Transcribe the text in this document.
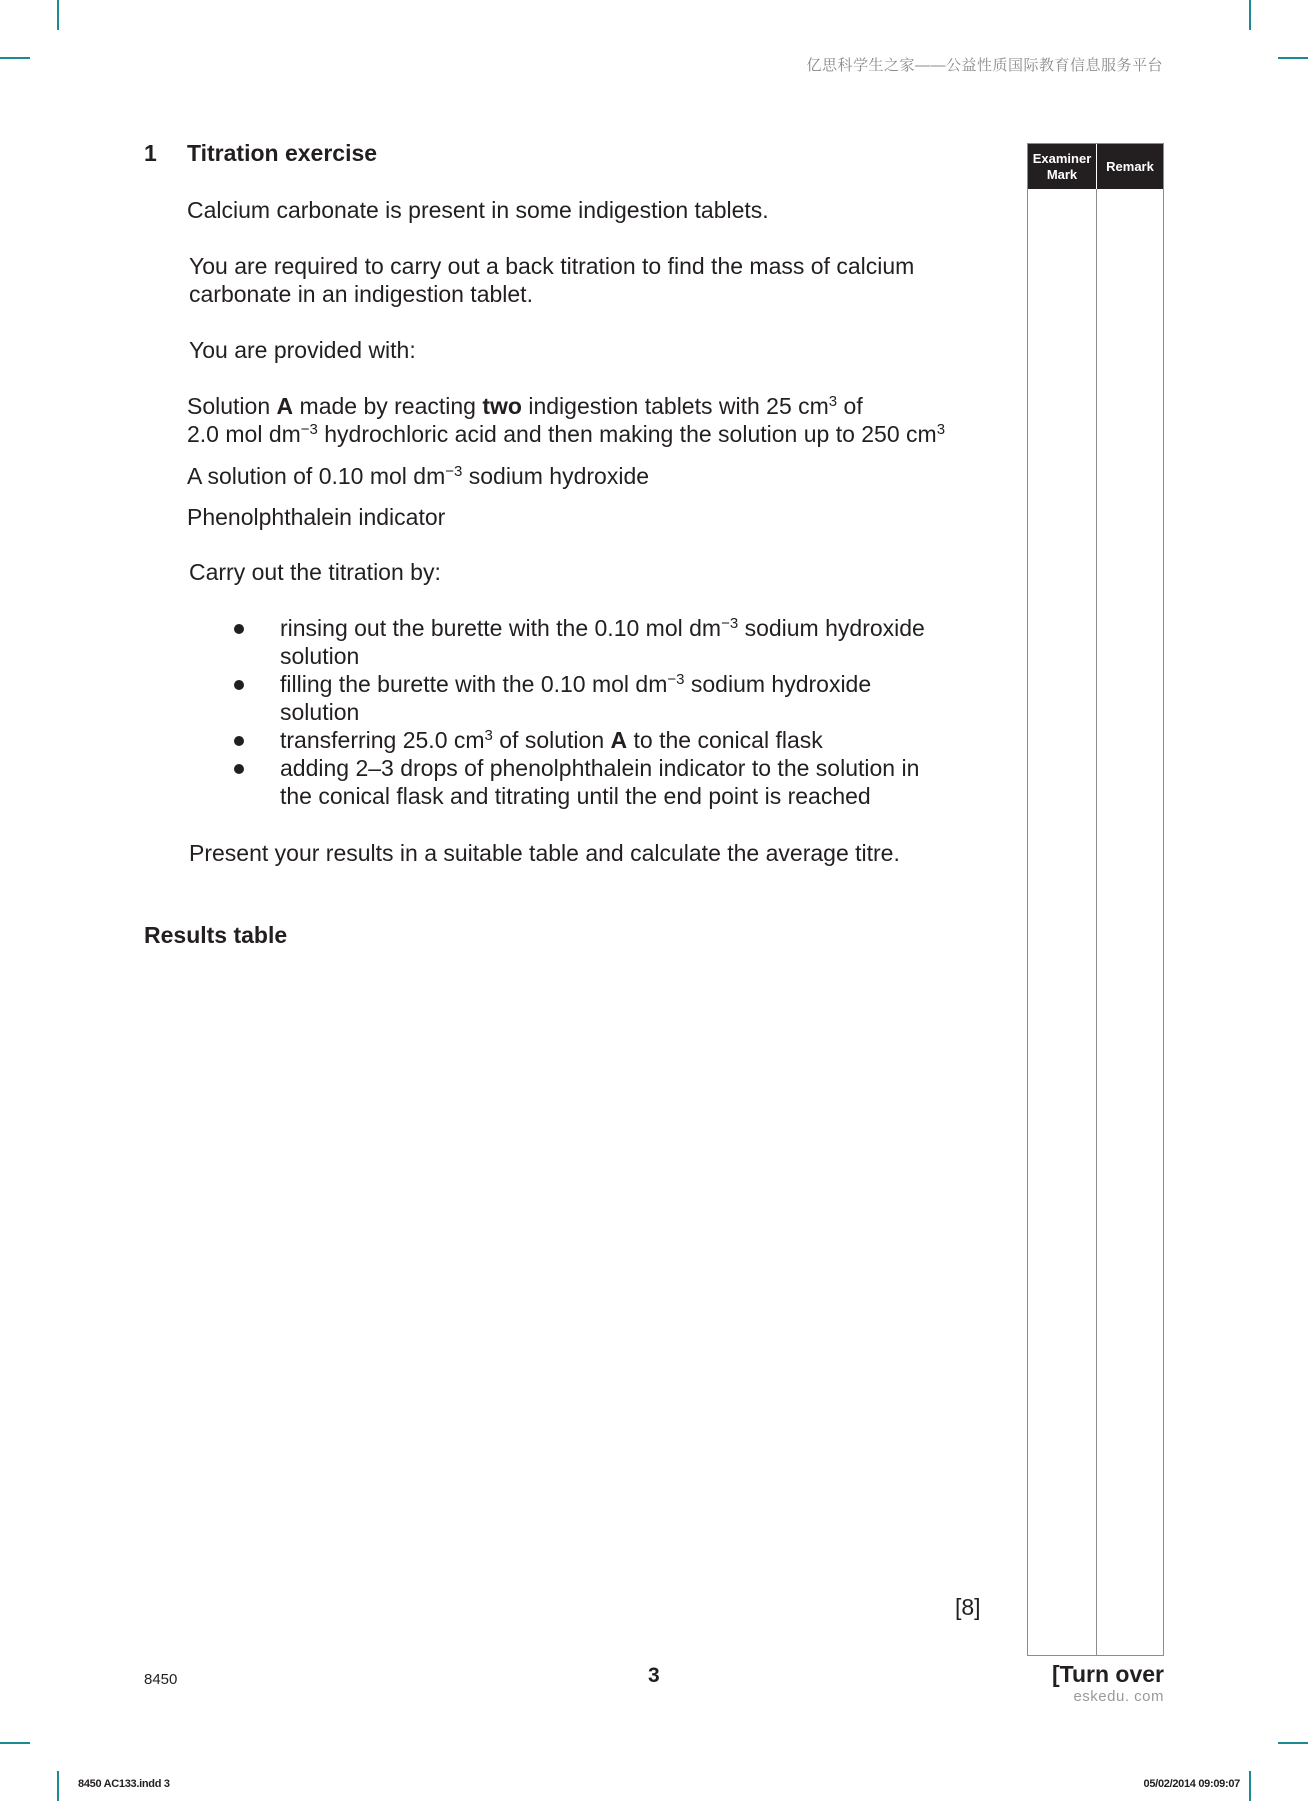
亿思科学生之家——公益性质国际教育信息服务平台
1 Titration exercise

Calcium carbonate is present in some indigestion tablets.

You are required to carry out a back titration to find the mass of calcium
carbonate in an indigestion tablet.

You are provided with:

Solution A made by reacting two indigestion tablets with 25 $cm^3$ of
2.0 mol $dm^{-3}$ hydrochloric acid and then making the solution up to 250 $cm^3$

A solution of 0.10 mol $dm^{-3}$ sodium hydroxide

Phenolphthalein indicator

Carry out the titration by:

rinsing out the burette with the 0.10 mol $dm^{-3}$ sodium hydroxide
solution
filling the burette with the 0.10 mol $dm^{-3}$ sodium hydroxide
solution
transferring 25.0 $cm^3$ of solution A to the conical flask
adding 2–3 drops of phenolphthalein indicator to the solution in
the conical flask and titrating until the end point is reached

Present your results in a suitable table and calculate the average titre.

Results table
[8]
Examiner
Mark
Remark
8450	3	[Turn over
eskedu. com
8450 AC133.indd 3	05/02/2014 09:09:07
